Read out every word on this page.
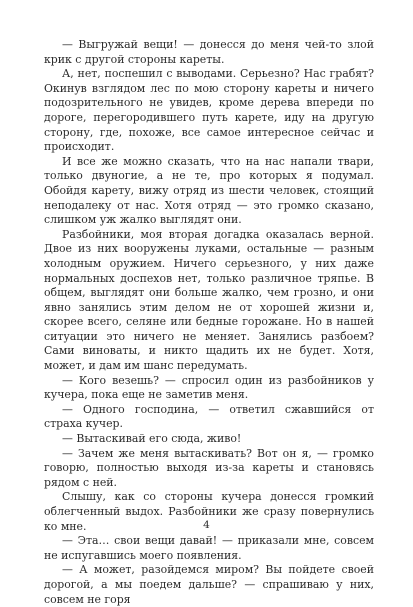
— Выгружай вещи! — донесся до меня чей-то злой крик с другой стороны кареты.

А, нет, поспешил с выводами. Серьезно? Нас грабят? Окинув взглядом лес по мою сторону кареты и ничего подозрительного не увидев, кроме дерева впереди по дороге, перегородившего путь карете, иду на другую сторону, где, похоже, все самое интересное сейчас и происходит.

И все же можно сказать, что на нас напали твари, только двуногие, а не те, про которых я подумал. Обойдя карету, вижу отряд из шести человек, стоящий неподалеку от нас. Хотя отряд — это громко сказано, слишком уж жалко выглядят они.

Разбойники, моя вторая догадка оказалась верной. Двое из них вооружены луками, остальные — разным холодным оружием. Ничего серьезного, у них даже нормальных доспехов нет, только различное тряпье. В общем, выглядят они больше жалко, чем грозно, и они явно занялись этим делом не от хорошей жизни и, скорее всего, селяне или бедные горожане. Но в нашей ситуации это ничего не меняет. Занялись разбоем? Сами виноваты, и никто щадить их не будет. Хотя, может, и дам им шанс передумать.

— Кого везешь? — спросил один из разбойников у кучера, пока еще не заметив меня.

— Одного господина, — ответил сжавшийся от страха кучер.

— Вытаскивай его сюда, живо!

— Зачем же меня вытаскивать? Вот он я, — громко говорю, полностью выходя из-за кареты и становясь рядом с ней.

Слышу, как со стороны кучера донесся громкий облегченный выдох. Разбойники же сразу повернулись ко мне.

— Эта… свои вещи давай! — приказали мне, совсем не испугавшись моего появления.

— А может, разойдемся миром? Вы пойдете своей дорогой, а мы поедем дальше? — спрашиваю у них, совсем не горя

4
